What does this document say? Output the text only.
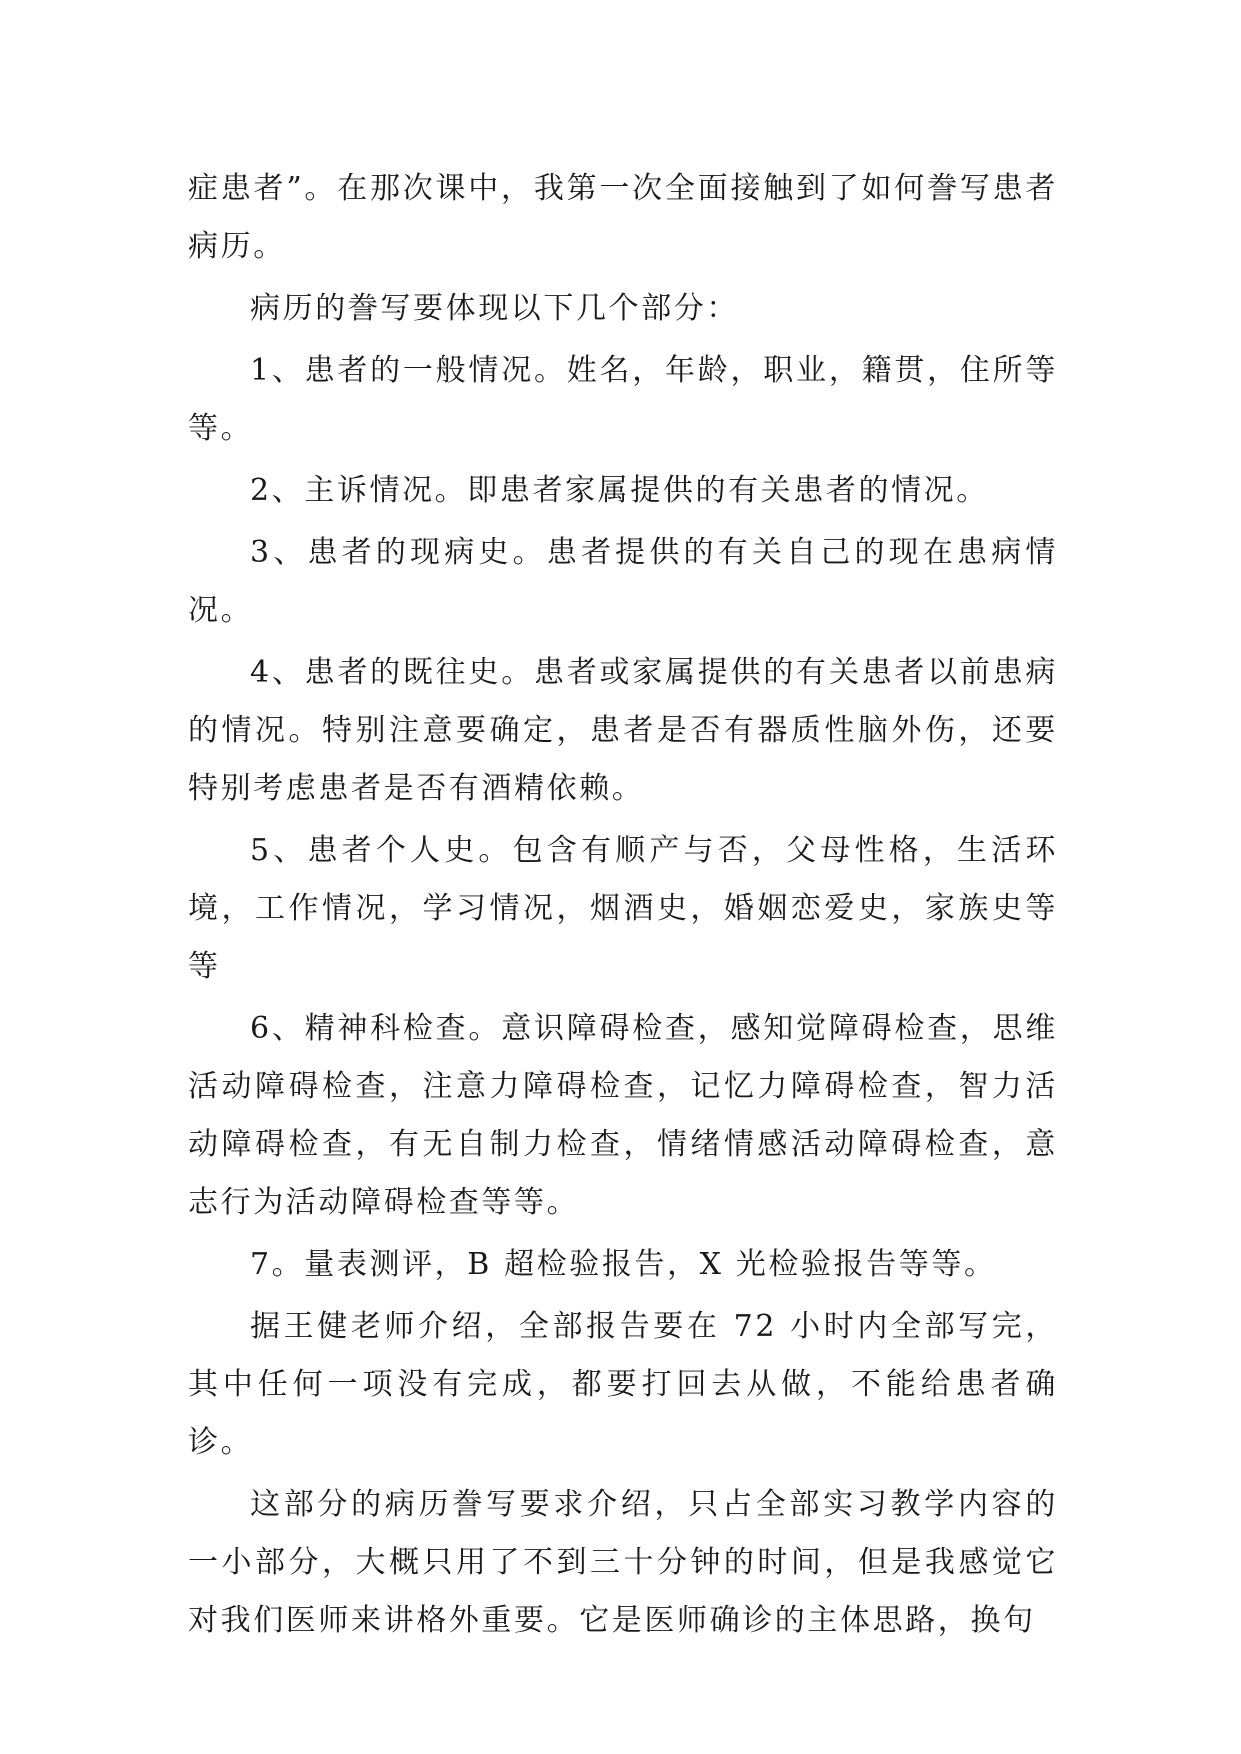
症患者”。在那次课中，我第一次全面接触到了如何誊写患者病历。

病历的誊写要体现以下几个部分：

1、患者的一般情况。姓名，年龄，职业，籍贯，住所等等。

2、主诉情况。即患者家属提供的有关患者的情况。

3、患者的现病史。患者提供的有关自己的现在患病情况。

4、患者的既往史。患者或家属提供的有关患者以前患病的情况。特别注意要确定，患者是否有器质性脑外伤，还要特别考虑患者是否有酒精依赖。

5、患者个人史。包含有顺产与否，父母性格，生活环境，工作情况，学习情况，烟酒史，婚姻恋爱史，家族史等等

6、精神科检查。意识障碍检查，感知觉障碍检查，思维活动障碍检查，注意力障碍检查，记忆力障碍检查，智力活动障碍检查，有无自制力检查，情绪情感活动障碍检查，意志行为活动障碍检查等等。

7。量表测评，B 超检验报告，X 光检验报告等等。

据王健老师介绍，全部报告要在 72 小时内全部写完，其中任何一项没有完成，都要打回去从做，不能给患者确诊。

这部分的病历誊写要求介绍，只占全部实习教学内容的一小部分，大概只用了不到三十分钟的时间，但是我感觉它对我们医师来讲格外重要。它是医师确诊的主体思路，换句
